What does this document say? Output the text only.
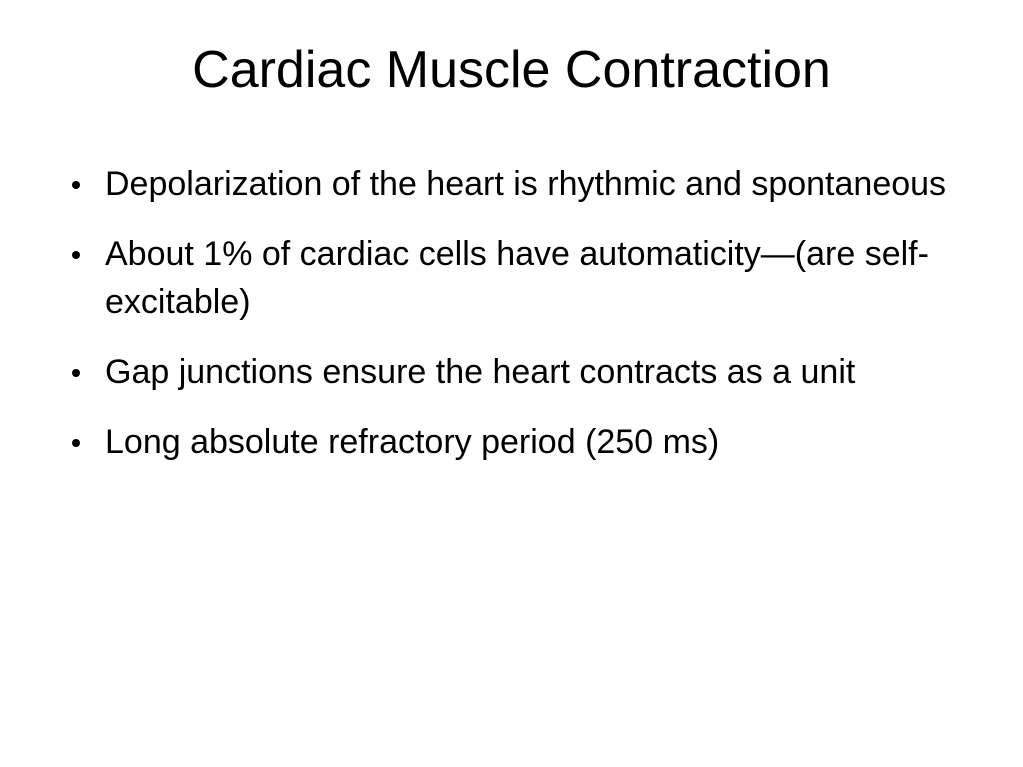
Cardiac Muscle Contraction
Depolarization of the heart is rhythmic and spontaneous
About 1% of cardiac cells have automaticity—(are self-excitable)
Gap junctions ensure the heart contracts as a unit
Long absolute refractory period (250 ms)
